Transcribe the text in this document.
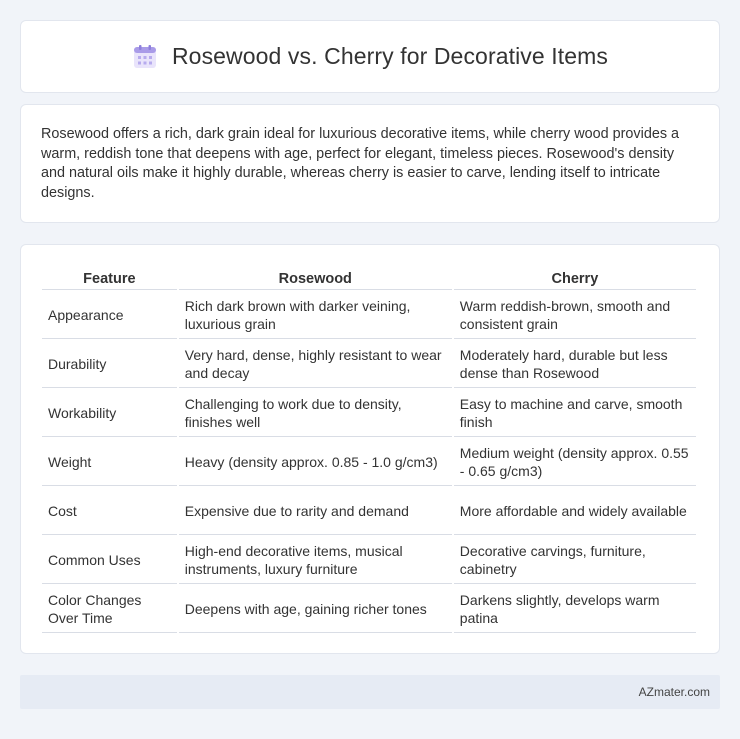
Rosewood vs. Cherry for Decorative Items

Rosewood offers a rich, dark grain ideal for luxurious decorative items, while cherry wood provides a warm, reddish tone that deepens with age, perfect for elegant, timeless pieces. Rosewood's density and natural oils make it highly durable, whereas cherry is easier to carve, lending itself to intricate designs.

Feature	Rosewood	Cherry
Appearance	Rich dark brown with darker veining, luxurious grain	Warm reddish-brown, smooth and consistent grain
Durability	Very hard, dense, highly resistant to wear and decay	Moderately hard, durable but less dense than Rosewood
Workability	Challenging to work due to density, finishes well	Easy to machine and carve, smooth finish
Weight	Heavy (density approx. 0.85 - 1.0 g/cm3)	Medium weight (density approx. 0.55 - 0.65 g/cm3)
Cost	Expensive due to rarity and demand	More affordable and widely available
Common Uses	High-end decorative items, musical instruments, luxury furniture	Decorative carvings, furniture, cabinetry
Color Changes Over Time	Deepens with age, gaining richer tones	Darkens slightly, develops warm patina
AZmater.com
